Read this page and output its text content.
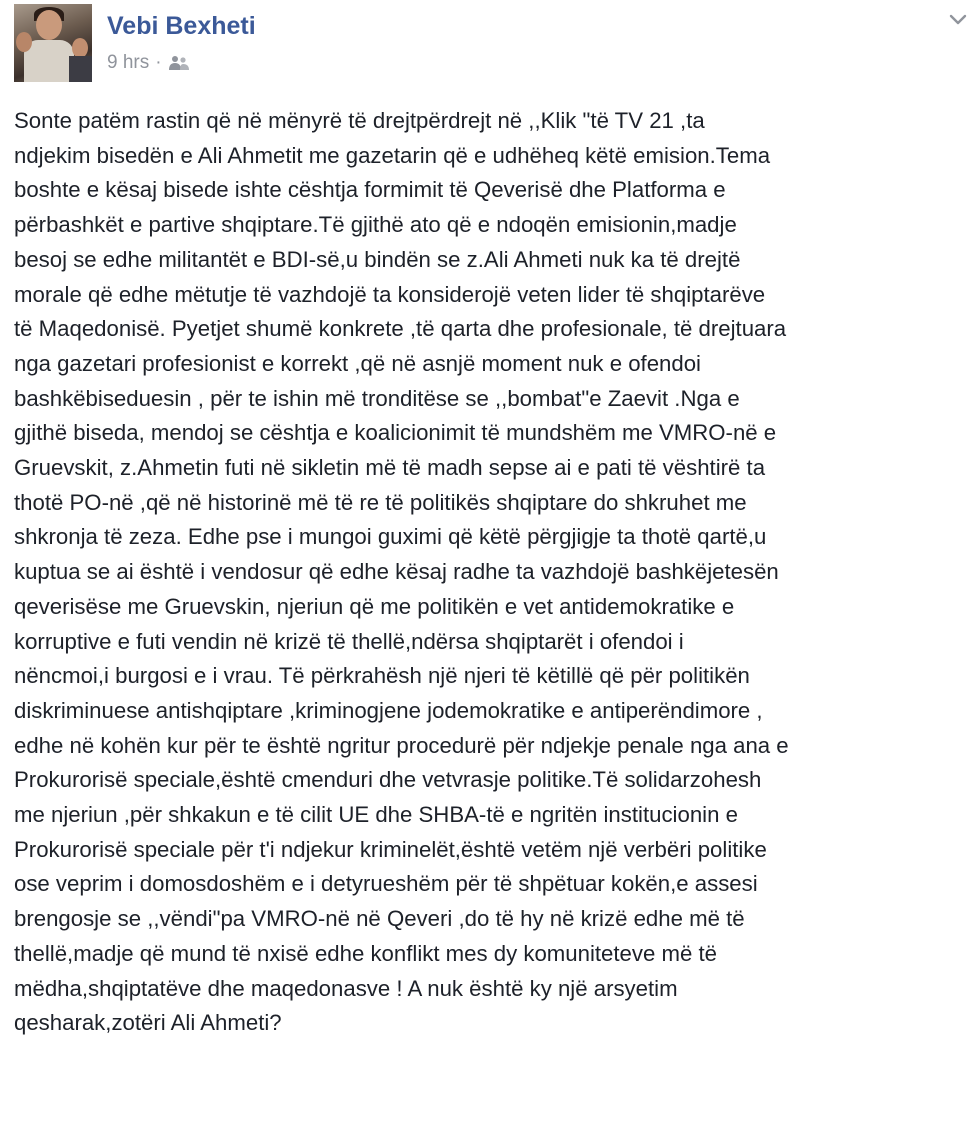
Vebi Bexheti
9 hrs ·
Sonte patëm rastin që në mënyrë të drejtpërdrejt në ,,Klik "të TV 21 ,ta
ndjekim bisedën e Ali Ahmetit me gazetarin që e udhëheq këtë emision.Tema
boshte e kësaj bisede ishte cështja formimit të Qeverisë dhe Platforma e
përbashkët e partive shqiptare.Të gjithë ato që e ndoqën emisionin,madje
besoj se edhe militantët e BDI-së,u bindën se z.Ali Ahmeti nuk ka të drejtë
morale që edhe mëtutje të vazhdojë ta konsiderojë veten lider të shqiptarëve
të Maqedonisë. Pyetjet shumë konkrete ,të qarta dhe profesionale, të drejtuara
nga gazetari profesionist e korrekt ,që në asnjë moment nuk e ofendoi
bashkëbiseduesin , për te ishin më tronditëse se ,,bombat"e Zaevit .Nga e
gjithë biseda, mendoj se cështja e koalicionimit të mundshëm me VMRO-në e
Gruevskit, z.Ahmetin futi në sikletin më të madh sepse ai e pati të vështirë ta
thotë PO-në ,që në historinë më të re të politikës shqiptare do shkruhet me
shkronja të zeza. Edhe pse i mungoi guximi që këtë përgjigje ta thotë qartë,u
kuptua se ai është i vendosur që edhe kësaj radhe ta vazhdojë bashkëjetesën
qeverisëse me Gruevskin, njeriun që me politikën e vet antidemokratike e
korruptive e futi vendin në krizë të thellë,ndërsa shqiptarët i ofendoi i
nëncmoi,i burgosi e i vrau. Të përkrahësh një njeri të këtillë që për politikën
diskriminuese antishqiptare ,kriminogjene jodemokratike e antiperëndimore ,
edhe në kohën kur për te është ngritur procedurë për ndjekje penale nga ana e
Prokurorisë speciale,është cmenduri dhe vetvrasje politike.Të solidarzohesh
me njeriun ,për shkakun e të cilit UE dhe SHBA-të e ngritën institucionin e
Prokurorisë speciale për t'i ndjekur kriminelët,është vetëm një verbëri politike
ose veprim i domosdoshëm e i detyrueshëm për të shpëtuar kokën,e assesi
brengosje se ,,vëndi"pa VMRO-në në Qeveri ,do të hy në krizë edhe më të
thellë,madje që mund të nxisë edhe konflikt mes dy komuniteteve më të
mëdha,shqiptatëve dhe maqedonasve ! A nuk është ky një arsyetim
qesharak,zotëri Ali Ahmeti?
